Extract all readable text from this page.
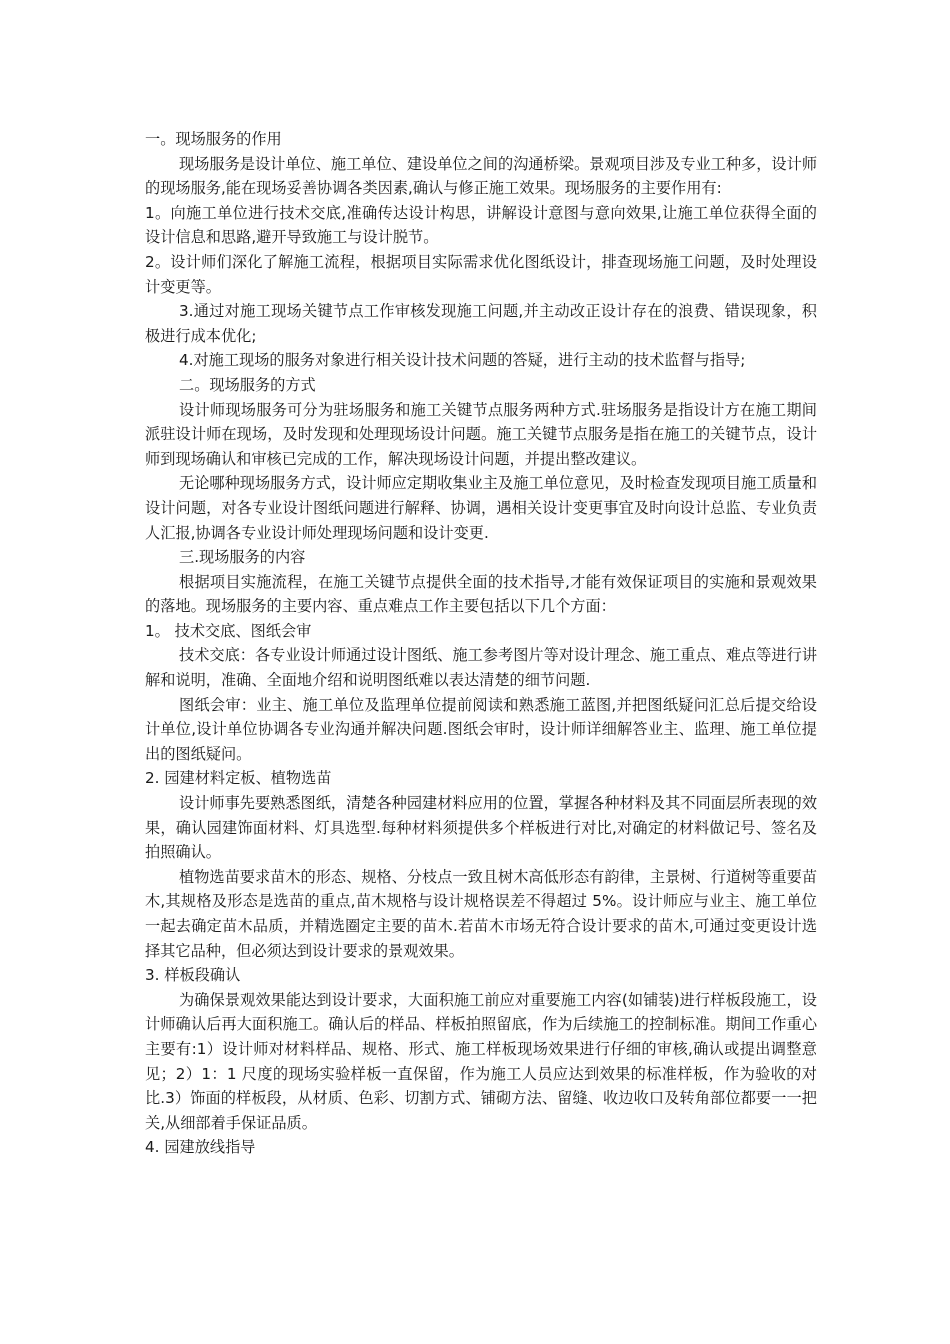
一。现场服务的作用

现场服务是设计单位、施工单位、建设单位之间的沟通桥梁。景观项目涉及专业工种多，设计师的现场服务,能在现场妥善协调各类因素,确认与修正施工效果。现场服务的主要作用有:

1。向施工单位进行技术交底,准确传达设计构思，讲解设计意图与意向效果,让施工单位获得全面的设计信息和思路,避开导致施工与设计脱节。

2。设计师们深化了解施工流程，根据项目实际需求优化图纸设计，排查现场施工问题，及时处理设计变更等。

3.通过对施工现场关键节点工作审核发现施工问题,并主动改正设计存在的浪费、错误现象，积极进行成本优化;

4.对施工现场的服务对象进行相关设计技术问题的答疑，进行主动的技术监督与指导;

二。现场服务的方式

设计师现场服务可分为驻场服务和施工关键节点服务两种方式.驻场服务是指设计方在施工期间派驻设计师在现场，及时发现和处理现场设计问题。施工关键节点服务是指在施工的关键节点，设计师到现场确认和审核已完成的工作，解决现场设计问题，并提出整改建议。

无论哪种现场服务方式，设计师应定期收集业主及施工单位意见，及时检查发现项目施工质量和设计问题，对各专业设计图纸问题进行解释、协调，遇相关设计变更事宜及时向设计总监、专业负责人汇报,协调各专业设计师处理现场问题和设计变更.

三.现场服务的内容

根据项目实施流程，在施工关键节点提供全面的技术指导,才能有效保证项目的实施和景观效果的落地。现场服务的主要内容、重点难点工作主要包括以下几个方面：

1。 技术交底、图纸会审

技术交底：各专业设计师通过设计图纸、施工参考图片等对设计理念、施工重点、难点等进行讲解和说明，准确、全面地介绍和说明图纸难以表达清楚的细节问题.

图纸会审：业主、施工单位及监理单位提前阅读和熟悉施工蓝图,并把图纸疑问汇总后提交给设计单位,设计单位协调各专业沟通并解决问题.图纸会审时，设计师详细解答业主、监理、施工单位提出的图纸疑问。

2. 园建材料定板、植物选苗

设计师事先要熟悉图纸，清楚各种园建材料应用的位置，掌握各种材料及其不同面层所表现的效果，确认园建饰面材料、灯具选型.每种材料须提供多个样板进行对比,对确定的材料做记号、签名及拍照确认。

植物选苗要求苗木的形态、规格、分枝点一致且树木高低形态有韵律，主景树、行道树等重要苗木,其规格及形态是选苗的重点,苗木规格与设计规格误差不得超过 5%。设计师应与业主、施工单位一起去确定苗木品质，并精选圈定主要的苗木.若苗木市场无符合设计要求的苗木,可通过变更设计选择其它品种，但必须达到设计要求的景观效果。

3. 样板段确认

为确保景观效果能达到设计要求，大面积施工前应对重要施工内容(如铺装)进行样板段施工，设计师确认后再大面积施工。确认后的样品、样板拍照留底，作为后续施工的控制标准。期间工作重心主要有:1）设计师对材料样品、规格、形式、施工样板现场效果进行仔细的审核,确认或提出调整意见；2）1：1 尺度的现场实验样板一直保留，作为施工人员应达到效果的标准样板，作为验收的对比.3）饰面的样板段，从材质、色彩、切割方式、铺砌方法、留缝、收边收口及转角部位都要一一把关,从细部着手保证品质。

4. 园建放线指导
